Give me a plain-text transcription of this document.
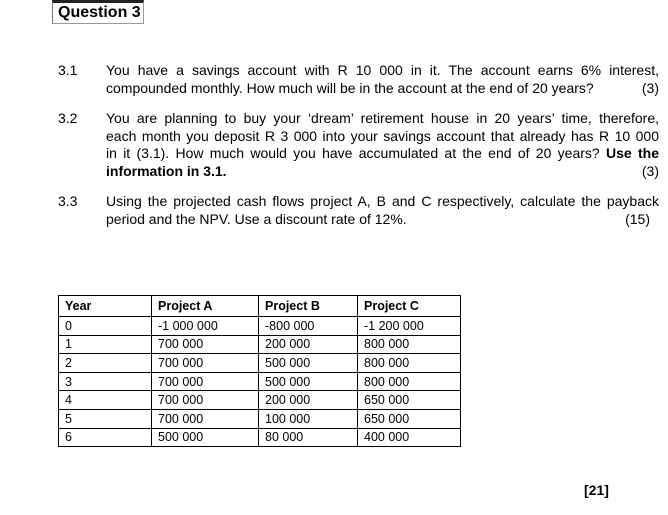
Question 3
3.1 You have a savings account with R 10 000 in it. The account earns 6% interest,
compounded monthly. How much will be in the account at the end of 20 years?	(3)
3.2 You are planning to buy your ‘dream’ retirement house in 20 years’ time, therefore,
each month you deposit R 3 000 into your savings account that already has R 10 000
in it (3.1). How much would you have accumulated at the end of 20 years? Use the
information in 3.1.	(3)
3.3 Using the projected cash flows project A, B and C respectively, calculate the payback
period and the NPV. Use a discount rate of 12%.	(15)
Year	Project A	Project B	Project C
0	-1 000 000	-800 000	-1 200 000
1	700 000	200 000	800 000
2	700 000	500 000	800 000
3	700 000	500 000	800 000
4	700 000	200 000	650 000
5	700 000	100 000	650 000
6	500 000	80 000	400 000
[21]
